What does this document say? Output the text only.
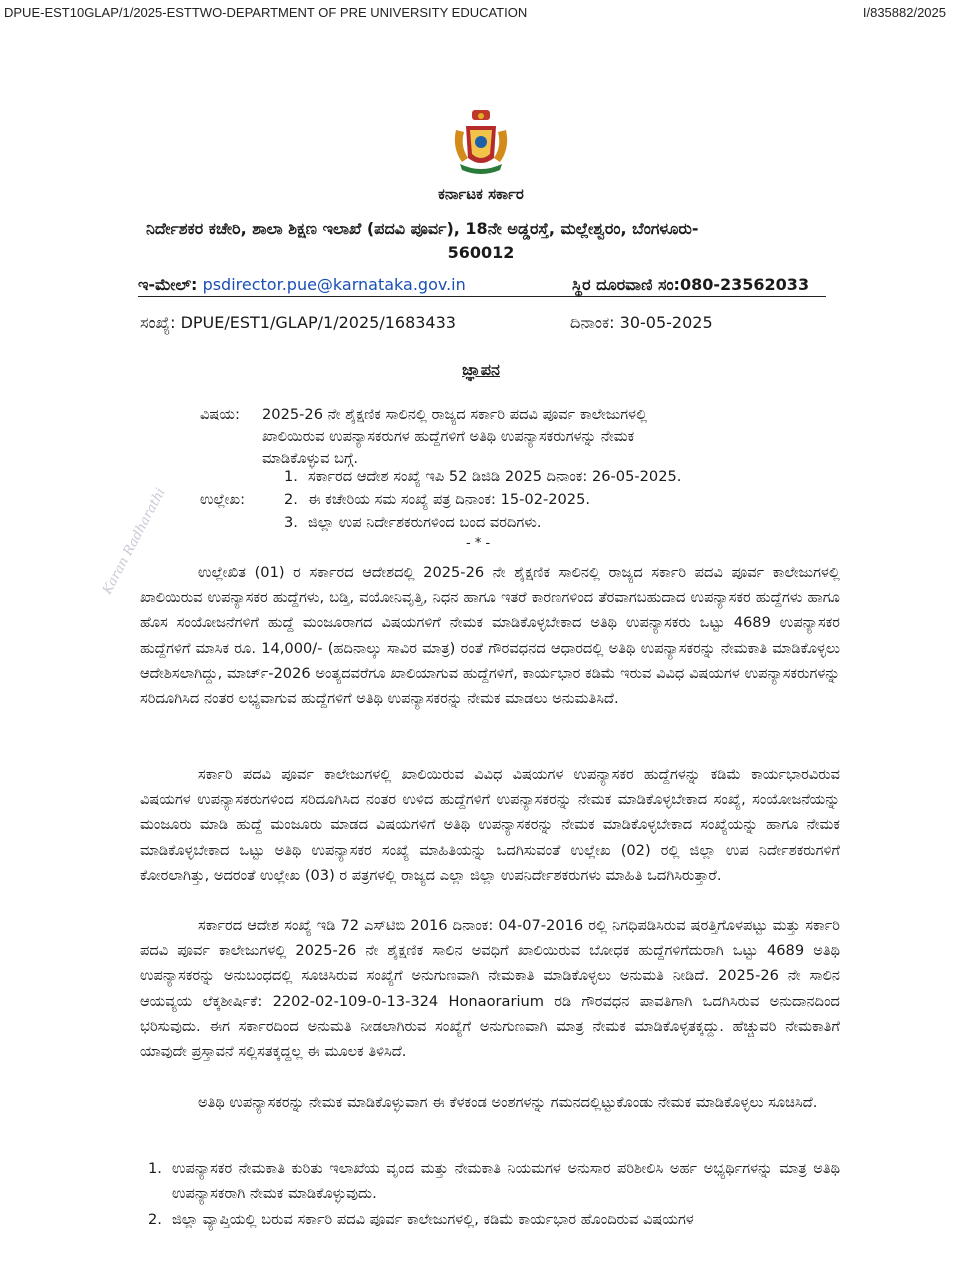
DPUE-EST10GLAP/1/2025-ESTTWO-DEPARTMENT OF PRE UNIVERSITY EDUCATION	I/835882/2025
ಕರ್ನಾಟಕ ಸರ್ಕಾರ
ನಿರ್ದೇಶಕರ ಕಚೇರಿ, ಶಾಲಾ ಶಿಕ್ಷಣ ಇಲಾಖೆ (ಪದವಿ ಪೂರ್ವ), 18ನೇ ಅಡ್ಡರಸ್ತೆ, ಮಲ್ಲೇಶ್ವರಂ, ಬೆಂಗಳೂರು-
560012
ಇ-ಮೇಲ್: psdirector.pue@karnataka.gov.in	ಸ್ಥಿರ ದೂರವಾಣಿ ಸಂ:080-23562033
ಸಂಖ್ಯೆ: DPUE/EST1/GLAP/1/2025/1683433	ದಿನಾಂಕ: 30-05-2025
ಜ್ಞಾಪನ
ವಿಷಯ: 2025-26 ನೇ ಶೈಕ್ಷಣಿಕ ಸಾಲಿನಲ್ಲಿ ರಾಜ್ಯದ ಸರ್ಕಾರಿ ಪದವಿ ಪೂರ್ವ ಕಾಲೇಜುಗಳಲ್ಲಿ
ಖಾಲಿಯಿರುವ ಉಪನ್ಯಾಸಕರುಗಳ ಹುದ್ದೆಗಳಿಗೆ ಅತಿಥಿ ಉಪನ್ಯಾಸಕರುಗಳನ್ನು ನೇಮಕ
ಮಾಡಿಕೊಳ್ಳುವ ಬಗ್ಗೆ.
ಉಲ್ಲೇಖ:
1. ಸರ್ಕಾರದ ಆದೇಶ ಸಂಖ್ಯೆ ಇಪಿ 52 ಡಿಜಿಡಿ 2025 ದಿನಾಂಕ: 26-05-2025.
2. ಈ ಕಚೇರಿಯ ಸಮ ಸಂಖ್ಯೆ ಪತ್ರ ದಿನಾಂಕ: 15-02-2025.
3. ಜಿಲ್ಲಾ ಉಪ ನಿರ್ದೇಶಕರುಗಳಿಂದ ಬಂದ ವರದಿಗಳು.
- * -
Karan Radharathi	ಉಲ್ಲೇಖಿತ (01) ರ ಸರ್ಕಾರದ ಆದೇಶದಲ್ಲಿ 2025-26 ನೇ ಶೈಕ್ಷಣಿಕ ಸಾಲಿನಲ್ಲಿ ರಾಜ್ಯದ ಸರ್ಕಾರಿ ಪದವಿ ಪೂರ್ವ ಕಾಲೇಜುಗಳಲ್ಲಿ ಖಾಲಿಯಿರುವ ಉಪನ್ಯಾಸಕರ ಹುದ್ದೆಗಳು, ಬಡ್ತಿ, ವಯೋನಿವೃತ್ತಿ, ನಿಧನ ಹಾಗೂ ಇತರೆ ಕಾರಣಗಳಿಂದ ತೆರವಾಗಬಹುದಾದ ಉಪನ್ಯಾಸಕರ ಹುದ್ದೆಗಳು ಹಾಗೂ ಹೊಸ ಸಂಯೋಜನೆಗಳಿಗೆ ಹುದ್ದೆ ಮಂಜೂರಾಗದ ವಿಷಯಗಳಿಗೆ ನೇಮಕ ಮಾಡಿಕೊಳ್ಳಬೇಕಾದ ಅತಿಥಿ ಉಪನ್ಯಾಸಕರು ಒಟ್ಟು 4689 ಉಪನ್ಯಾಸಕರ ಹುದ್ದೆಗಳಿಗೆ ಮಾಸಿಕ ರೂ. 14,000/- (ಹದಿನಾಲ್ಕು ಸಾವಿರ ಮಾತ್ರ) ರಂತೆ ಗೌರವಧನದ ಆಧಾರದಲ್ಲಿ ಅತಿಥಿ ಉಪನ್ಯಾಸಕರನ್ನು ನೇಮಕಾತಿ ಮಾಡಿಕೊಳ್ಳಲು ಆದೇಶಿಸಲಾಗಿದ್ದು, ಮಾರ್ಚ್-2026 ಅಂತ್ಯದವರೆಗೂ ಖಾಲಿಯಾಗುವ ಹುದ್ದೆಗಳಿಗೆ, ಕಾರ್ಯಭಾರ ಕಡಿಮೆ ಇರುವ ವಿವಿಧ ವಿಷಯಗಳ ಉಪನ್ಯಾಸಕರುಗಳನ್ನು ಸರಿದೂಗಿಸಿದ ನಂತರ ಲಭ್ಯವಾಗುವ ಹುದ್ದೆಗಳಿಗೆ ಅತಿಥಿ ಉಪನ್ಯಾಸಕರನ್ನು ನೇಮಕ ಮಾಡಲು ಅನುಮತಿಸಿದೆ.

ಸರ್ಕಾರಿ ಪದವಿ ಪೂರ್ವ ಕಾಲೇಜುಗಳಲ್ಲಿ ಖಾಲಿಯಿರುವ ವಿವಿಧ ವಿಷಯಗಳ ಉಪನ್ಯಾಸಕರ ಹುದ್ದೆಗಳನ್ನು ಕಡಿಮೆ ಕಾರ್ಯಭಾರವಿರುವ ವಿಷಯಗಳ ಉಪನ್ಯಾಸಕರುಗಳಿಂದ ಸರಿದೂಗಿಸಿದ ನಂತರ ಉಳಿದ ಹುದ್ದೆಗಳಿಗೆ ಉಪನ್ಯಾಸಕರನ್ನು ನೇಮಕ ಮಾಡಿಕೊಳ್ಳಬೇಕಾದ ಸಂಖ್ಯೆ, ಸಂಯೋಜನೆಯನ್ನು ಮಂಜೂರು ಮಾಡಿ ಹುದ್ದೆ ಮಂಜೂರು ಮಾಡದ ವಿಷಯಗಳಿಗೆ ಅತಿಥಿ ಉಪನ್ಯಾಸಕರನ್ನು ನೇಮಕ ಮಾಡಿಕೊಳ್ಳಬೇಕಾದ ಸಂಖ್ಯೆಯನ್ನು ಹಾಗೂ ನೇಮಕ ಮಾಡಿಕೊಳ್ಳಬೇಕಾದ ಒಟ್ಟು ಅತಿಥಿ ಉಪನ್ಯಾಸಕರ ಸಂಖ್ಯೆ ಮಾಹಿತಿಯನ್ನು ಒದಗಿಸುವಂತೆ ಉಲ್ಲೇಖ (02) ರಲ್ಲಿ ಜಿಲ್ಲಾ ಉಪ ನಿರ್ದೇಶಕರುಗಳಿಗೆ ಕೋರಲಾಗಿತ್ತು, ಅದರಂತೆ ಉಲ್ಲೇಖ (03) ರ ಪತ್ರಗಳಲ್ಲಿ ರಾಜ್ಯದ ಎಲ್ಲಾ ಜಿಲ್ಲಾ ಉಪನಿರ್ದೇಶಕರುಗಳು ಮಾಹಿತಿ ಒದಗಿಸಿರುತ್ತಾರೆ.

ಸರ್ಕಾರದ ಆದೇಶ ಸಂಖ್ಯೆ ಇಡಿ 72 ಎಸ್‌ಟಿಬಿ 2016 ದಿನಾಂಕ: 04-07-2016 ರಲ್ಲಿ ನಿಗಧಿಪಡಿಸಿರುವ ಷರತ್ತಿಗೊಳಪಟ್ಟು ಮತ್ತು ಸರ್ಕಾರಿ ಪದವಿ ಪೂರ್ವ ಕಾಲೇಜುಗಳಲ್ಲಿ 2025-26 ನೇ ಶೈಕ್ಷಣಿಕ ಸಾಲಿನ ಅವಧಿಗೆ ಖಾಲಿಯಿರುವ ಬೋಧಕ ಹುದ್ದೆಗಳಿಗೆದುರಾಗಿ ಒಟ್ಟು 4689 ಅತಿಥಿ ಉಪನ್ಯಾಸಕರನ್ನು ಅನುಬಂಧದಲ್ಲಿ ಸೂಚಿಸಿರುವ ಸಂಖ್ಯೆಗೆ ಅನುಗುಣವಾಗಿ ನೇಮಕಾತಿ ಮಾಡಿಕೊಳ್ಳಲು ಅನುಮತಿ ನೀಡಿದೆ. 2025-26 ನೇ ಸಾಲಿನ ಆಯವ್ಯಯ ಲೆಕ್ಕಶೀರ್ಷಿಕೆ: 2202-02-109-0-13-324 Honaorarium ರಡಿ ಗೌರವಧನ ಪಾವತಿಗಾಗಿ ಒದಗಿಸಿರುವ ಅನುದಾನದಿಂದ ಭರಿಸುವುದು. ಈಗ ಸರ್ಕಾರದಿಂದ ಅನುಮತಿ ನೀಡಲಾಗಿರುವ ಸಂಖ್ಯೆಗೆ ಅನುಗುಣವಾಗಿ ಮಾತ್ರ ನೇಮಕ ಮಾಡಿಕೊಳ್ಳತಕ್ಕದ್ದು. ಹೆಚ್ಚುವರಿ ನೇಮಕಾತಿಗೆ ಯಾವುದೇ ಪ್ರಸ್ತಾವನೆ ಸಲ್ಲಿಸತಕ್ಕದ್ದಲ್ಲ ಈ ಮೂಲಕ ತಿಳಿಸಿದೆ.

ಅತಿಥಿ ಉಪನ್ಯಾಸಕರನ್ನು ನೇಮಕ ಮಾಡಿಕೊಳ್ಳುವಾಗ ಈ ಕೆಳಕಂಡ ಅಂಶಗಳನ್ನು ಗಮನದಲ್ಲಿಟ್ಟುಕೊಂಡು ನೇಮಕ ಮಾಡಿಕೊಳ್ಳಲು ಸೂಚಿಸಿದೆ.

1. ಉಪನ್ಯಾಸಕರ ನೇಮಕಾತಿ ಕುರಿತು ಇಲಾಖೆಯ ವೃಂದ ಮತ್ತು ನೇಮಕಾತಿ ನಿಯಮಗಳ ಅನುಸಾರ ಪರಿಶೀಲಿಸಿ ಅರ್ಹ ಅಭ್ಯರ್ಥಿಗಳನ್ನು ಮಾತ್ರ ಅತಿಥಿ ಉಪನ್ಯಾಸಕರಾಗಿ ನೇಮಕ ಮಾಡಿಕೊಳ್ಳುವುದು.
2. ಜಿಲ್ಲಾ ವ್ಯಾಪ್ತಿಯಲ್ಲಿ ಬರುವ ಸರ್ಕಾರಿ ಪದವಿ ಪೂರ್ವ ಕಾಲೇಜುಗಳಲ್ಲಿ, ಕಡಿಮೆ ಕಾರ್ಯಭಾರ ಹೊಂದಿರುವ ವಿಷಯಗಳ
